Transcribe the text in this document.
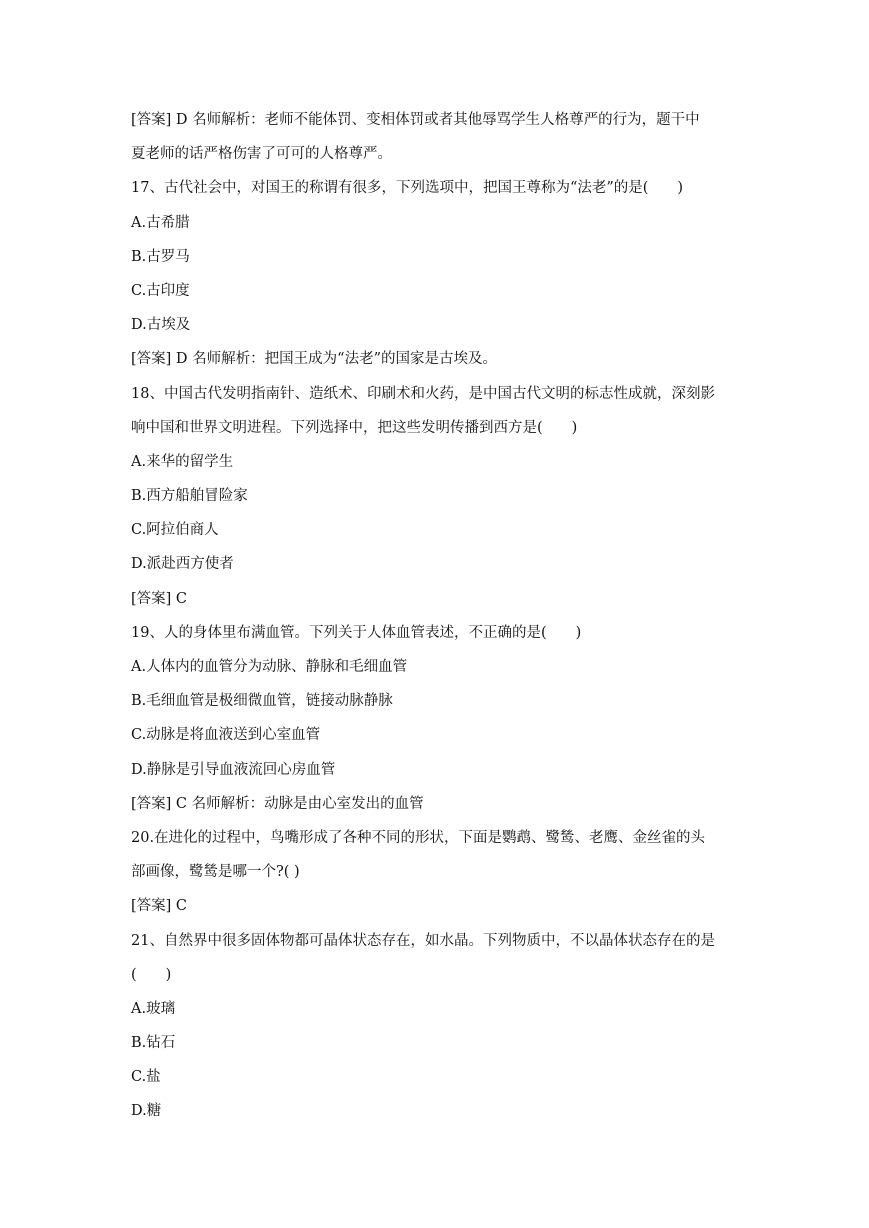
[答案] D 名师解析：老师不能体罚、变相体罚或者其他辱骂学生人格尊严的行为，题干中
夏老师的话严格伤害了可可的人格尊严。
17、古代社会中，对国王的称谓有很多，下列选项中，把国王尊称为“法老”的是(　　)
A.古希腊
B.古罗马
C.古印度
D.古埃及
[答案] D 名师解析：把国王成为“法老”的国家是古埃及。
18、中国古代发明指南针、造纸术、印刷术和火药，是中国古代文明的标志性成就，深刻影
响中国和世界文明进程。下列选择中，把这些发明传播到西方是(　　)
A.来华的留学生
B.西方船舶冒险家
C.阿拉伯商人
D.派赴西方使者
[答案] C
19、人的身体里布满血管。下列关于人体血管表述，不正确的是(　　)
A.人体内的血管分为动脉、静脉和毛细血管
B.毛细血管是极细微血管，链接动脉静脉
C.动脉是将血液送到心室血管
D.静脉是引导血液流回心房血管
[答案] C 名师解析：动脉是由心室发出的血管
20.在进化的过程中，鸟嘴形成了各种不同的形状，下面是鹦鹉、鹭鸶、老鹰、金丝雀的头
部画像，鹭鸶是哪一个?( )
[答案] C
21、自然界中很多固体物都可晶体状态存在，如水晶。下列物质中，不以晶体状态存在的是
(　　)
A.玻璃
B.钻石
C.盐
D.糖
